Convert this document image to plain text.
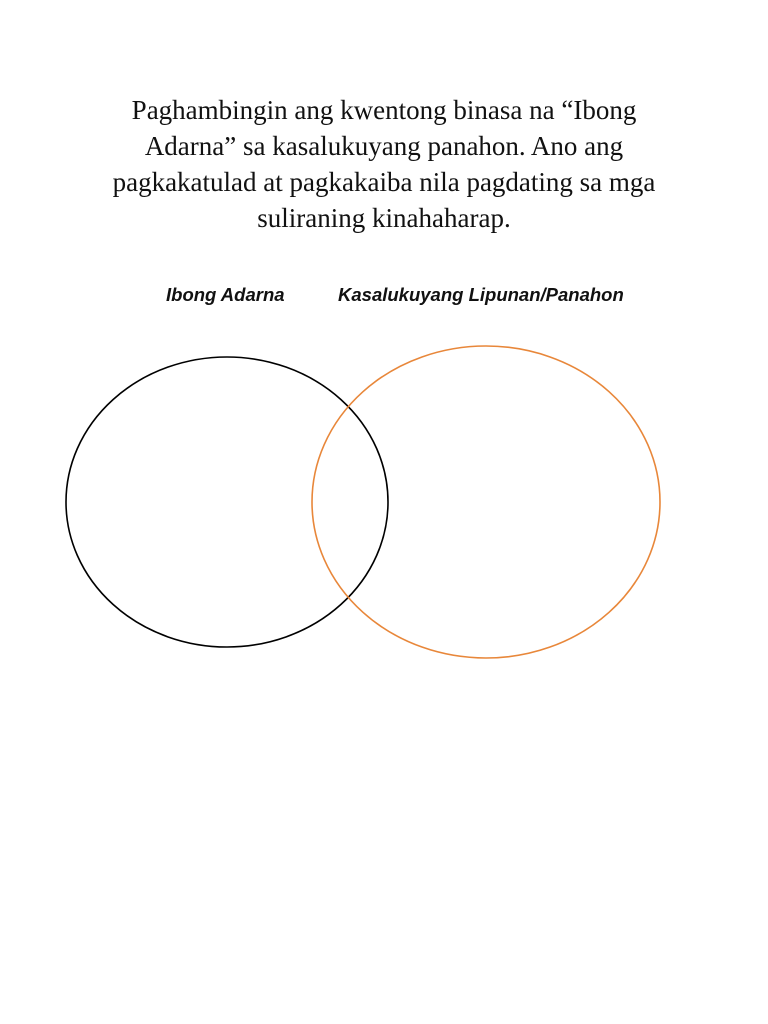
Paghambingin ang kwentong binasa na “Ibong Adarna” sa kasalukuyang panahon. Ano ang pagkakatulad at pagkakaiba nila pagdating sa mga suliraning kinahaharap.
Ibong Adarna	Kasalukuyang Lipunan/Panahon
